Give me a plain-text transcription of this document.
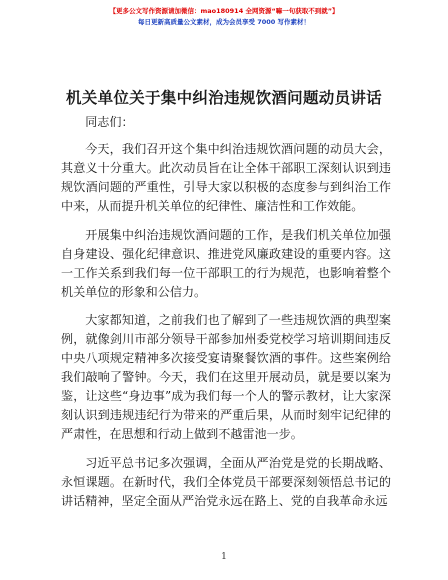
【更多公文写作资源请加微信：mao180914 全网资源“嘛一句获取不到就”】
每日更新高质量公文素材，成为会员享受 7000 写作素材！
机关单位关于集中纠治违规饮酒问题动员讲话

同志们：

今天，我们召开这个集中纠治违规饮酒问题的动员大会，其意义十分重大。此次动员旨在让全体干部职工深刻认识到违规饮酒问题的严重性，引导大家以积极的态度参与到纠治工作中来，从而提升机关单位的纪律性、廉洁性和工作效能。

开展集中纠治违规饮酒问题的工作，是我们机关单位加强自身建设、强化纪律意识、推进党风廉政建设的重要内容。这一工作关系到我们每一位干部职工的行为规范，也影响着整个机关单位的形象和公信力。

大家都知道，之前我们也了解到了一些违规饮酒的典型案例，就像剑川市部分领导干部参加州委党校学习培训期间违反中央八项规定精神多次接受宴请聚餐饮酒的事件。这些案例给我们敲响了警钟。今天，我们在这里开展动员，就是要以案为鉴，让这些“身边事”成为我们每一个人的警示教材，让大家深刻认识到违规违纪行为带来的严重后果，从而时刻牢记纪律的严肃性，在思想和行动上做到不越雷池一步。

习近平总书记多次强调，全面从严治党是党的长期战略、永恒课题。在新时代，我们全体党员干部要深刻领悟总书记的讲话精神，坚定全面从严治党永远在路上、党的自我革命永远

1
